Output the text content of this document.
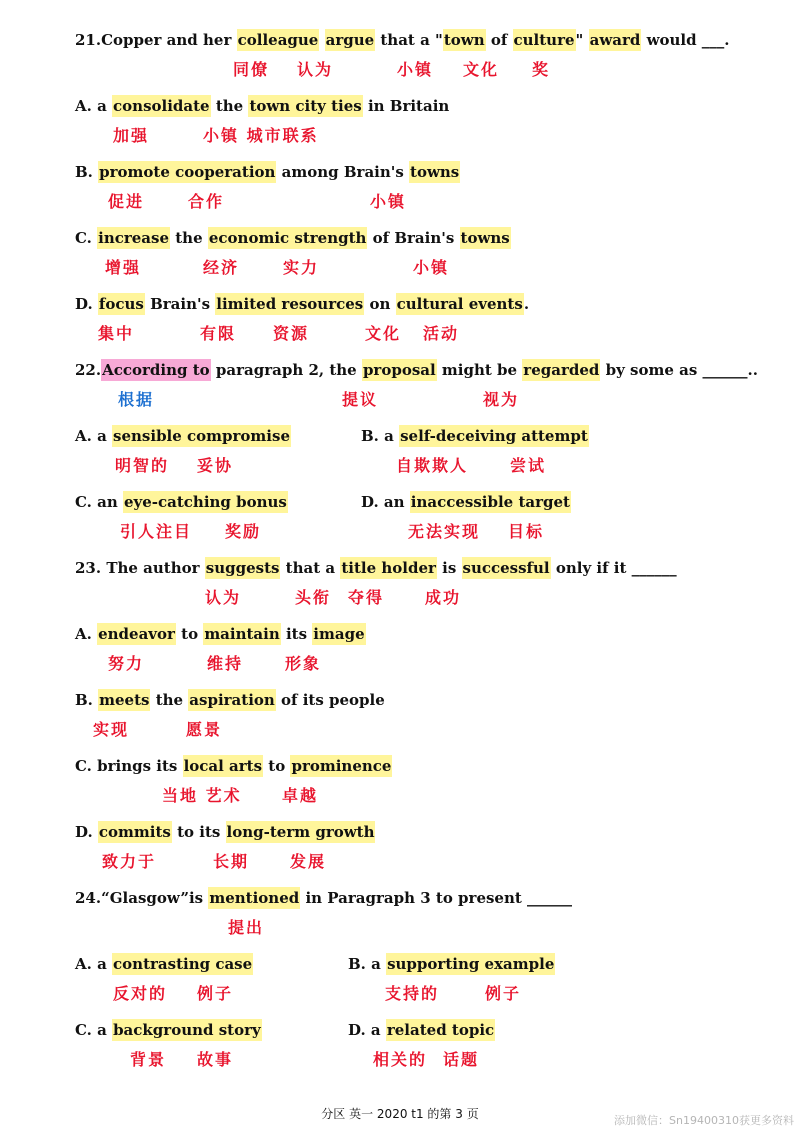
21.Copper and her colleague argue that a "town of culture" award would ___.
同僚 认为	小镇 文化 奖
A. a consolidate the town city ties in Britain
加强	小镇 城市联系
B. promote cooperation among Brain's towns
促进	合作	小镇
C. increase the economic strength of Brain's towns
增强	经济	实力	小镇
D. focus Brain's limited resources on cultural events.
集中	有限 资源	文化 活动
22.According to paragraph 2, the proposal might be regarded by some as ______..
根据	提议	视为
A. a sensible compromise	B. a self-deceiving attempt
明智的 妥协	自欺欺人	尝试
C. an eye-catching bonus	D. an inaccessible target
引人注目 奖励	无法实现 目标
23. The author suggests that a title holder is successful only if it ______
认为	头衔 夺得	成功
A. endeavor to maintain its image
努力	维持	形象
B. meets the aspiration of its people
实现	愿景
C. brings its local arts to prominence
当地 艺术	卓越
D. commits to its long-term growth
致力于	长期	发展
24.“Glasgow”is mentioned in Paragraph 3 to present ______
提出
A. a contrasting case	B. a supporting example
反对的 例子	支持的	例子
C. a background story	D. a related topic
背景 故事	相关的 话题
分区 英一 2020 t1 的第 3 页	添加微信：Sn19400310获更多资料
